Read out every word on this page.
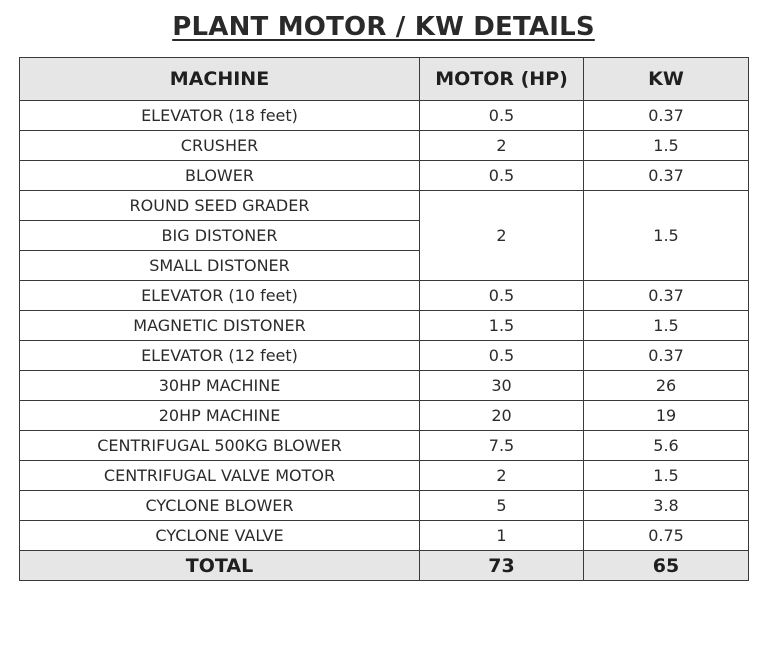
PLANT MOTOR / KW DETAILS
MACHINE	MOTOR (HP)	KW
ELEVATOR (18 feet)	0.5	0.37
CRUSHER	2	1.5
BLOWER	0.5	0.37
ROUND SEED GRADER	2	1.5
BIG DISTONER		
SMALL DISTONER		
ELEVATOR (10 feet)	0.5	0.37
MAGNETIC DISTONER	1.5	1.5
ELEVATOR (12 feet)	0.5	0.37
30HP MACHINE	30	26
20HP MACHINE	20	19
CENTRIFUGAL 500KG BLOWER	7.5	5.6
CENTRIFUGAL VALVE MOTOR	2	1.5
CYCLONE BLOWER	5	3.8
CYCLONE VALVE	1	0.75
TOTAL	73	65
